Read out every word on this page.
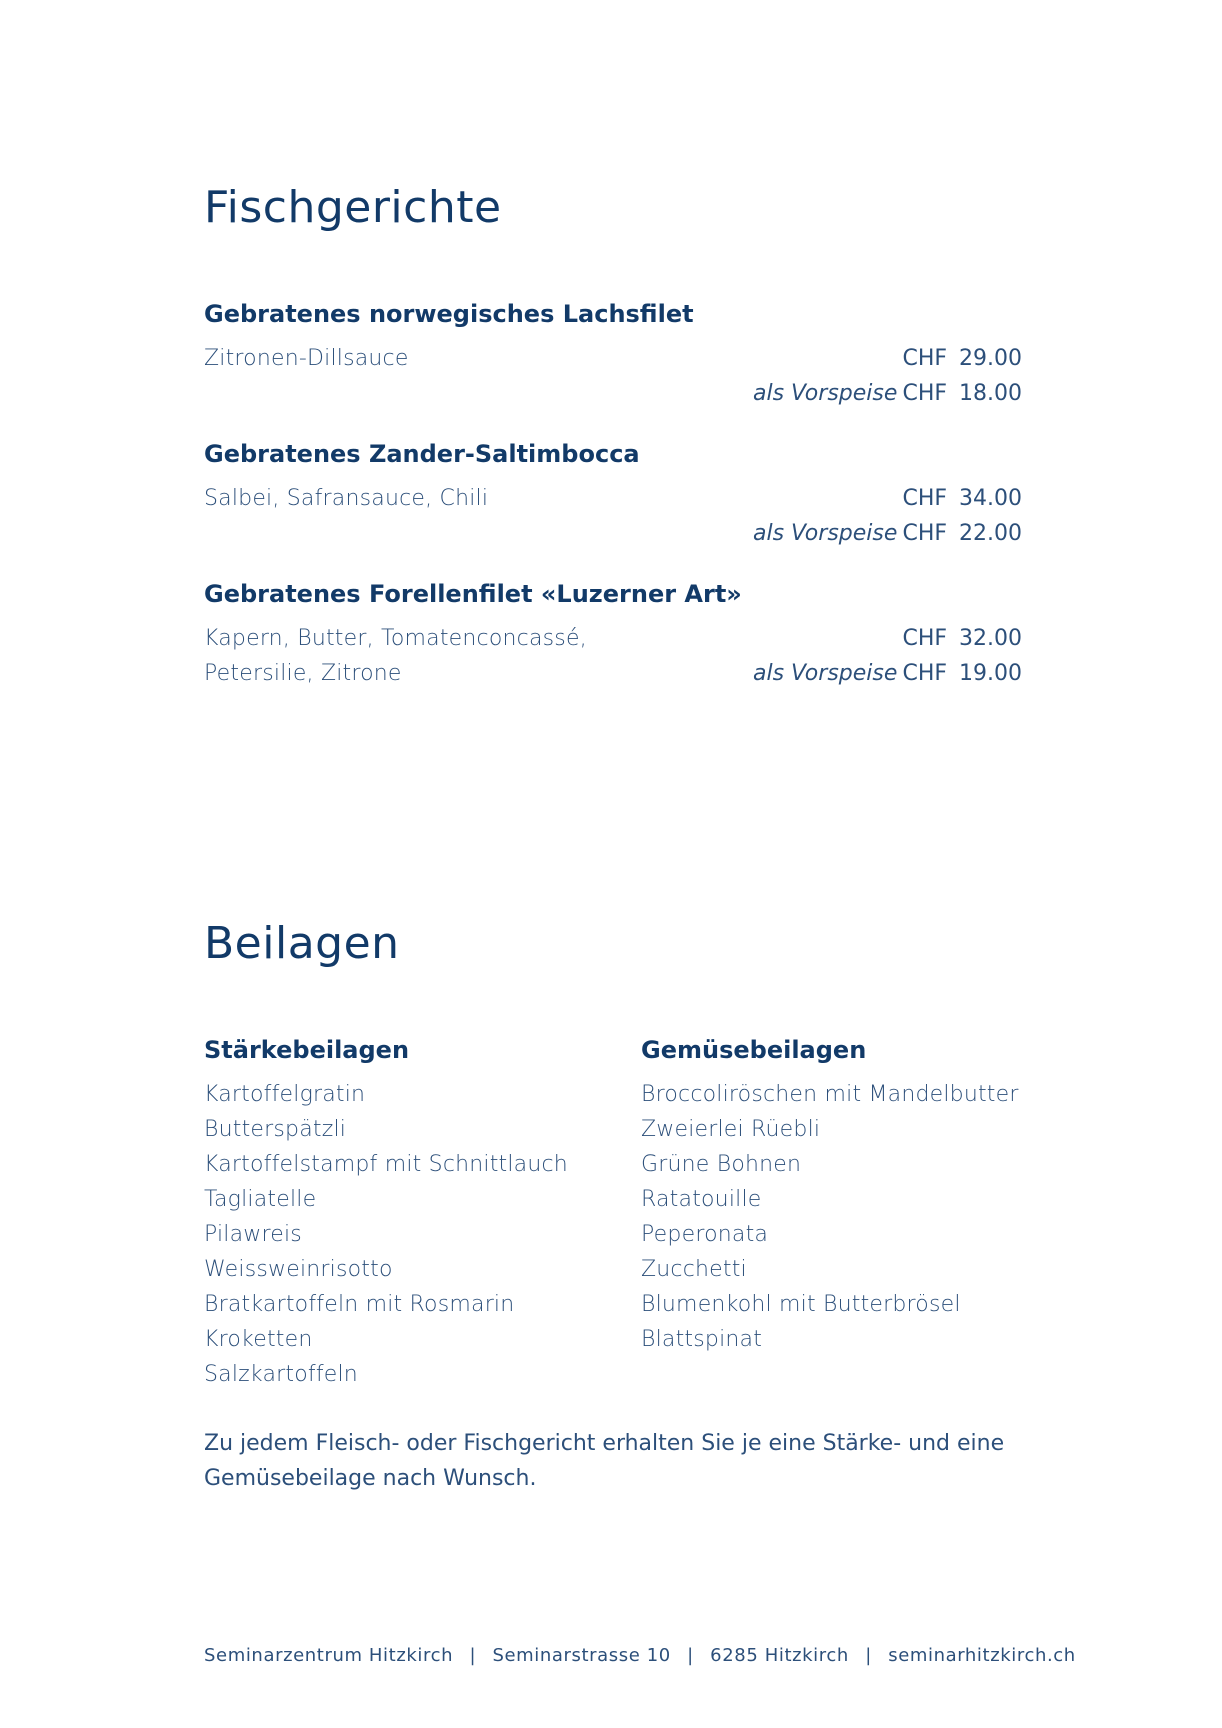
Fischgerichte
Gebratenes norwegisches Lachsfilet
Zitronen-Dillsauce	CHF 29.00
als Vorspeise CHF 18.00
Gebratenes Zander-Saltimbocca
Salbei, Safransauce, Chili	CHF 34.00
als Vorspeise CHF 22.00
Gebratenes Forellenfilet «Luzerner Art»
Kapern, Butter, Tomatenconcassé,
Petersilie, Zitrone
CHF 32.00
als Vorspeise CHF 19.00
Beilagen
Stärkebeilagen
Kartoffelgratin
Butterspätzli
Kartoffelstampf mit Schnittlauch
Tagliatelle
Pilawreis
Weissweinrisotto
Bratkartoffeln mit Rosmarin
Kroketten
Salzkartoffeln
Gemüsebeilagen
Broccoliröschen mit Mandelbutter
Zweierlei Rüebli
Grüne Bohnen
Ratatouille
Peperonata
Zucchetti
Blumenkohl mit Butterbrösel
Blattspinat
Zu jedem Fleisch- oder Fischgericht erhalten Sie je eine Stärke- und eine Gemüsebeilage nach Wunsch.
Seminarzentrum Hitzkirch | Seminarstrasse 10 | 6285 Hitzkirch | seminarhitzkirch.ch
